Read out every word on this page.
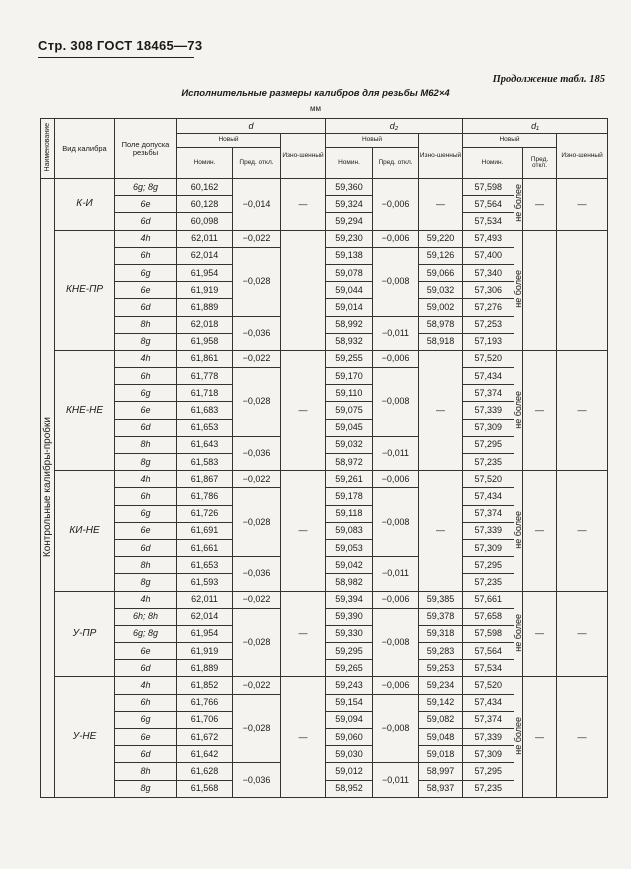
Стр. 308 ГОСТ 18465—73
Продолжение табл. 185
Исполнительные размеры калибров для резьбы М62×4
мм
Наименование	Вид калибра	Поле допуска резьбы	d			d₂			d₁			
			Новый		Изно-шенный	Новый		Изно-шенный	Новый			Изно-шенный
			Номин.	Пред. откл.		Номин.	Пред. откл.		Номин.		Пред. откл.	
Контрольные калибры-пробки	К-И	6g; 8g	60,162	−0,014	—	59,360	−0,006	—	57,598	не более	—	—
		6e	60,128			59,324			57,564			
		6d	60,098			59,294			57,534			
	КНЕ-ПР	4h	62,011	−0,022		59,230	−0,006	59,220	57,493	не более		
		6h	62,014	−0,028		59,138	−0,008	59,126	57,400			
		6g	61,954			59,078		59,066	57,340			
		6e	61,919			59,044		59,032	57,306			
		6d	61,889			59,014		59,002	57,276			
		8h	62,018	−0,036		58,992	−0,011	58,978	57,253			
		8g	61,958			58,932		58,918	57,193			
	КНЕ-НЕ	4h	61,861	−0,022	—	59,255	−0,006	—	57,520	не более	—	—
		6h	61,778	−0,028		59,170	−0,008		57,434			
		6g	61,718			59,110			57,374			
		6e	61,683			59,075			57,339			
		6d	61,653			59,045			57,309			
		8h	61,643	−0,036		59,032	−0,011		57,295			
		8g	61,583			58,972			57,235			
	КИ-НЕ	4h	61,867	−0,022	—	59,261	−0,006	—	57,520	не более	—	—
		6h	61,786	−0,028		59,178	−0,008		57,434			
		6g	61,726			59,118			57,374			
		6e	61,691			59,083			57,339			
		6d	61,661			59,053			57,309			
		8h	61,653	−0,036		59,042	−0,011		57,295			
		8g	61,593			58,982			57,235			
	У-ПР	4h	62,011	−0,022	—	59,394	−0,006	59,385	57,661	не более	—	—
		6h; 8h	62,014	−0,028		59,390	−0,008	59,378	57,658			
		6g; 8g	61,954			59,330		59,318	57,598			
		6e	61,919			59,295		59,283	57,564			
		6d	61,889			59,265		59,253	57,534			
	У-НЕ	4h	61,852	−0,022	—	59,243	−0,006	59,234	57,520	не более	—	—
		6h	61,766	−0,028		59,154	−0,008	59,142	57,434			
		6g	61,706			59,094		59,082	57,374			
		6e	61,672			59,060		59,048	57,339			
		6d	61,642			59,030		59,018	57,309			
		8h	61,628	−0,036		59,012	−0,011	58,997	57,295			
		8g	61,568			58,952		58,937	57,235			
